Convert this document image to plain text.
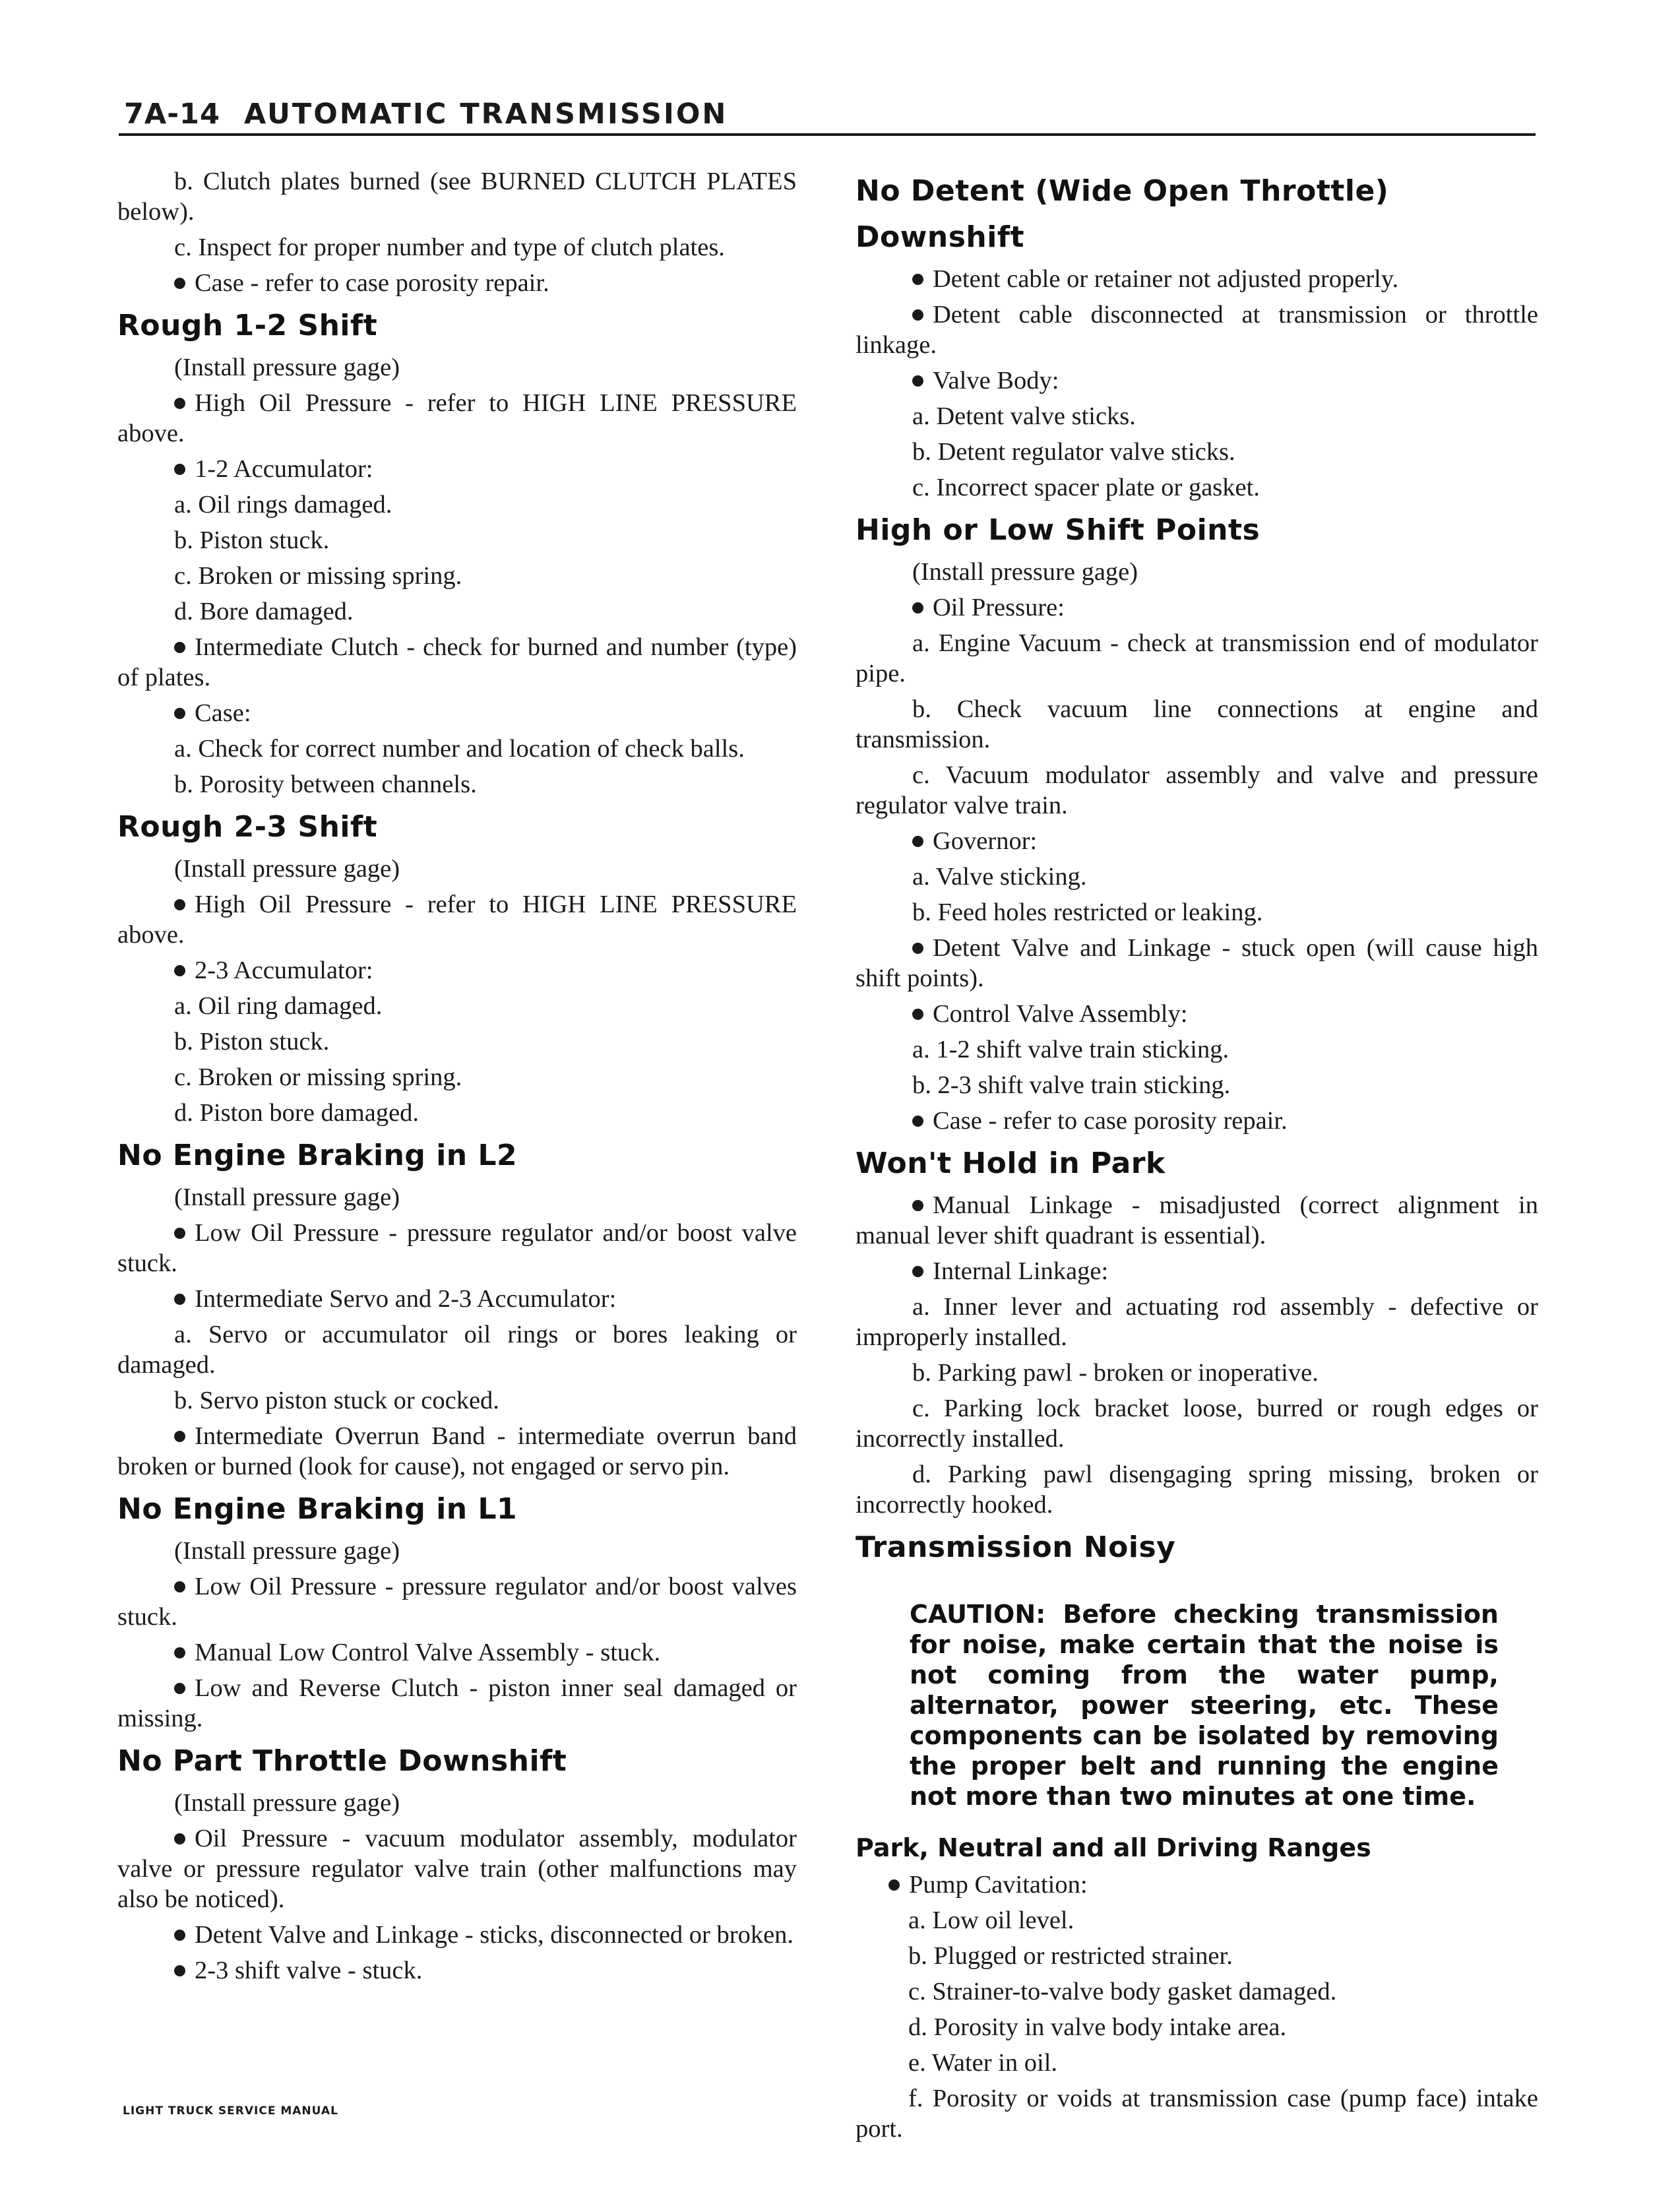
7A-14 AUTOMATIC TRANSMISSION

b. Clutch plates burned (see BURNED CLUTCH PLATES below).

c. Inspect for proper number and type of clutch plates.

Case - refer to case porosity repair.

Rough 1-2 Shift

(Install pressure gage)

High Oil Pressure - refer to HIGH LINE PRESSURE above.

1-2 Accumulator:

a. Oil rings damaged.

b. Piston stuck.

c. Broken or missing spring.

d. Bore damaged.

Intermediate Clutch - check for burned and number (type) of plates.

Case:

a. Check for correct number and location of check balls.

b. Porosity between channels.

Rough 2-3 Shift

(Install pressure gage)

High Oil Pressure - refer to HIGH LINE PRESSURE above.

2-3 Accumulator:

a. Oil ring damaged.

b. Piston stuck.

c. Broken or missing spring.

d. Piston bore damaged.

No Engine Braking in L2

(Install pressure gage)

Low Oil Pressure - pressure regulator and/or boost valve stuck.

Intermediate Servo and 2-3 Accumulator:

a. Servo or accumulator oil rings or bores leaking or damaged.

b. Servo piston stuck or cocked.

Intermediate Overrun Band - intermediate overrun band broken or burned (look for cause), not engaged or servo pin.

No Engine Braking in L1

(Install pressure gage)

Low Oil Pressure - pressure regulator and/or boost valves stuck.

Manual Low Control Valve Assembly - stuck.

Low and Reverse Clutch - piston inner seal damaged or missing.

No Part Throttle Downshift

(Install pressure gage)

Oil Pressure - vacuum modulator assembly, modulator valve or pressure regulator valve train (other malfunctions may also be noticed).

Detent Valve and Linkage - sticks, disconnected or broken.

2-3 shift valve - stuck.

No Detent (Wide Open Throttle)
Downshift

Detent cable or retainer not adjusted properly.

Detent cable disconnected at transmission or throttle linkage.

Valve Body:

a. Detent valve sticks.

b. Detent regulator valve sticks.

c. Incorrect spacer plate or gasket.

High or Low Shift Points

(Install pressure gage)

Oil Pressure:

a. Engine Vacuum - check at transmission end of modulator pipe.

b. Check vacuum line connections at engine and transmission.

c. Vacuum modulator assembly and valve and pressure regulator valve train.

Governor:

a. Valve sticking.

b. Feed holes restricted or leaking.

Detent Valve and Linkage - stuck open (will cause high shift points).

Control Valve Assembly:

a. 1-2 shift valve train sticking.

b. 2-3 shift valve train sticking.

Case - refer to case porosity repair.

Won't Hold in Park

Manual Linkage - misadjusted (correct alignment in manual lever shift quadrant is essential).

Internal Linkage:

a. Inner lever and actuating rod assembly - defective or improperly installed.

b. Parking pawl - broken or inoperative.

c. Parking lock bracket loose, burred or rough edges or incorrectly installed.

d. Parking pawl disengaging spring missing, broken or incorrectly hooked.

Transmission Noisy
CAUTION: Before checking transmission for noise, make certain that the noise is not coming from the water pump, alternator, power steering, etc. These components can be isolated by removing the proper belt and running the engine not more than two minutes at one time.
Park, Neutral and all Driving Ranges

Pump Cavitation:

a. Low oil level.

b. Plugged or restricted strainer.

c. Strainer-to-valve body gasket damaged.

d. Porosity in valve body intake area.

e. Water in oil.

f. Porosity or voids at transmission case (pump face) intake port.

LIGHT TRUCK SERVICE MANUAL
